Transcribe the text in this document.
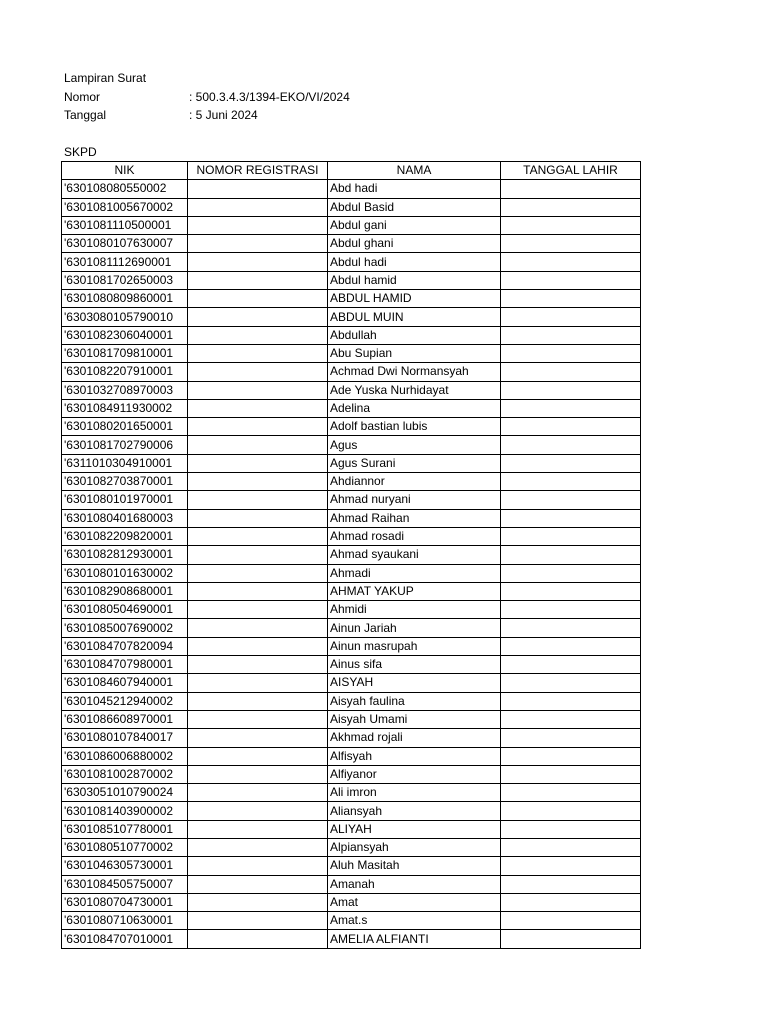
Lampiran Surat
Nomor	: 500.3.4.3/1394-EKO/VI/2024
Tanggal	: 5 Juni 2024
SKPD
NIK	NOMOR REGISTRASI	NAMA	TANGGAL LAHIR
'630108080550002		Abd hadi	
'6301081005670002		Abdul Basid	
'6301081110500001		Abdul gani	
'6301080107630007		Abdul ghani	
'6301081112690001		Abdul hadi	
'6301081702650003		Abdul hamid	
'6301080809860001		ABDUL HAMID	
'6303080105790010		ABDUL MUIN	
'6301082306040001		Abdullah	
'6301081709810001		Abu Supian	
'6301082207910001		Achmad Dwi Normansyah	
'6301032708970003		Ade Yuska Nurhidayat	
'6301084911930002		Adelina	
'6301080201650001		Adolf bastian lubis	
'6301081702790006		Agus	
'6311010304910001		Agus Surani	
'6301082703870001		Ahdiannor	
'6301080101970001		Ahmad nuryani	
'6301080401680003		Ahmad Raihan	
'6301082209820001		Ahmad rosadi	
'6301082812930001		Ahmad syaukani	
'6301080101630002		Ahmadi	
'6301082908680001		AHMAT YAKUP	
'6301080504690001		Ahmidi	
'6301085007690002		Ainun Jariah	
'6301084707820094		Ainun masrupah	
'6301084707980001		Ainus sifa	
'6301084607940001		AISYAH	
'6301045212940002		Aisyah faulina	
'6301086608970001		Aisyah Umami	
'6301080107840017		Akhmad rojali	
'6301086006880002		Alfisyah	
'6301081002870002		Alfiyanor	
'6303051010790024		Ali imron	
'6301081403900002		Aliansyah	
'6301085107780001		ALIYAH	
'6301080510770002		Alpiansyah	
'6301046305730001		Aluh Masitah	
'6301084505750007		Amanah	
'6301080704730001		Amat	
'6301080710630001		Amat.s	
'6301084707010001		AMELIA ALFIANTI	
